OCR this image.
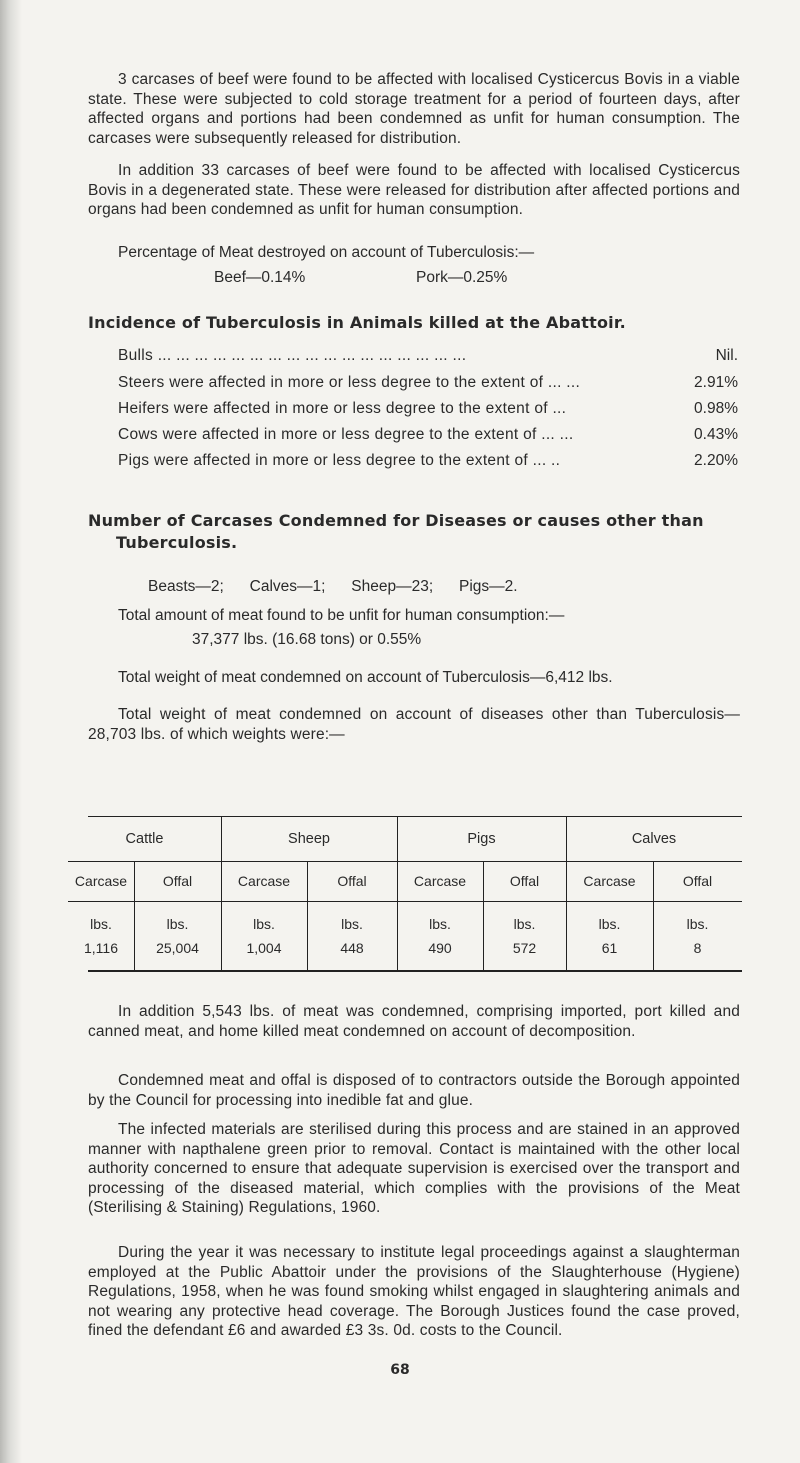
3 carcases of beef were found to be affected with localised Cysticercus Bovis in a viable state. These were subjected to cold storage treatment for a period of fourteen days, after affected organs and portions had been condemned as unfit for human consumption. The carcases were subsequently released for distribution.

In addition 33 carcases of beef were found to be affected with localised Cysticercus Bovis in a degenerated state. These were released for distribution after affected portions and organs had been condemned as unfit for human consumption.

Percentage of Meat destroyed on account of Tuberculosis:—

Beef—0.14%	Pork—0.25%

Incidence of Tuberculosis in Animals killed at the Abattoir.
Bulls ... ... ... ... ... ... ... ... ... ... ... ... ... ... ... ... ...	Nil.
Steers were affected in more or less degree to the extent of ... ...	2.91%
Heifers were affected in more or less degree to the extent of ...	0.98%
Cows were affected in more or less degree to the extent of ... ...	0.43%
Pigs were affected in more or less degree to the extent of ... ..	2.20%
Number of Carcases Condemned for Diseases or causes other than
Tuberculosis.

Beasts—2;      Calves—1;      Sheep—23;      Pigs—2.

Total amount of meat found to be unfit for human consumption:—

37,377 lbs. (16.68 tons) or 0.55%

Total weight of meat condemned on account of Tuberculosis—6,412 lbs.

Total weight of meat condemned on account of diseases other than Tuberculosis—28,703 lbs. of which weights were:—

Cattle	Sheep	Pigs	Calves
Carcase	Offal	Carcase	Offal	Carcase	Offal	Carcase	Offal
lbs.	lbs.	lbs.	lbs.	lbs.	lbs.	lbs.	lbs.
1,116	25,004	1,004	448	490	572	61	8

In addition 5,543 lbs. of meat was condemned, comprising imported, port killed and canned meat, and home killed meat condemned on account of decomposition.

Condemned meat and offal is disposed of to contractors outside the Borough appointed by the Council for processing into inedible fat and glue.

The infected materials are sterilised during this process and are stained in an approved manner with napthalene green prior to removal. Contact is maintained with the other local authority concerned to ensure that adequate supervision is exercised over the transport and processing of the diseased material, which complies with the provisions of the Meat (Sterilising & Staining) Regulations, 1960.

During the year it was necessary to institute legal proceedings against a slaughterman employed at the Public Abattoir under the provisions of the Slaughterhouse (Hygiene) Regulations, 1958, when he was found smoking whilst engaged in slaughtering animals and not wearing any protective head coverage. The Borough Justices found the case proved, fined the defendant £6 and awarded £3 3s. 0d. costs to the Council.

68
